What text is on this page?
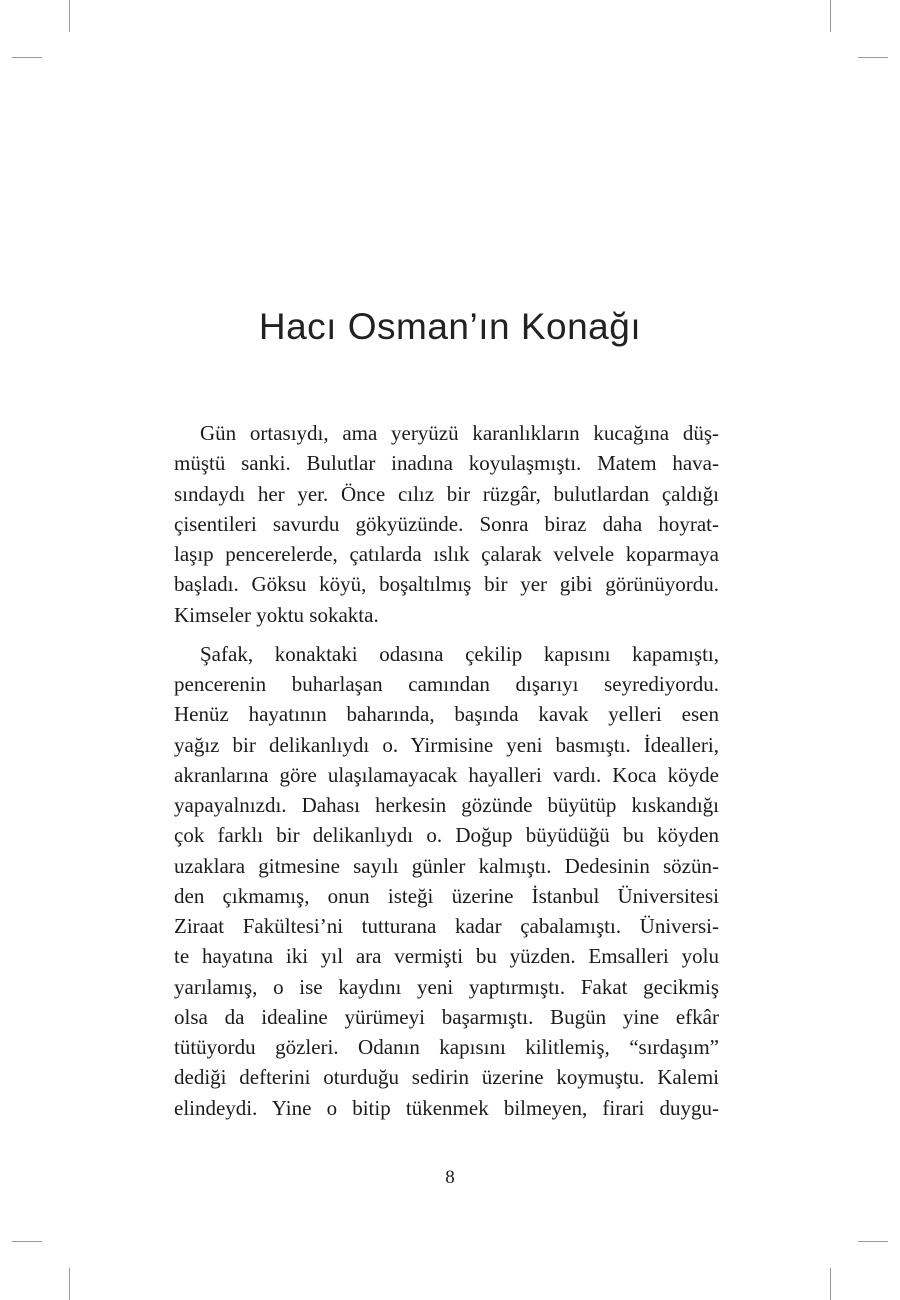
Hacı Osman’ın Konağı
Gün ortasıydı, ama yeryüzü karanlıkların kucağına düş-
müştü sanki. Bulutlar inadına koyulaşmıştı. Matem hava-
sındaydı her yer. Önce cılız bir rüzgâr, bulutlardan çaldığı
çisentileri savurdu gökyüzünde. Sonra biraz daha hoyrat-
laşıp pencerelerde, çatılarda ıslık çalarak velvele koparmaya
başladı. Göksu köyü, boşaltılmış bir yer gibi görünüyordu.
Kimseler yoktu sokakta.
Şafak, konaktaki odasına çekilip kapısını kapamıştı,
pencerenin buharlaşan camından dışarıyı seyrediyordu.
Henüz hayatının baharında, başında kavak yelleri esen
yağız bir delikanlıydı o. Yirmisine yeni basmıştı. İdealleri,
akranlarına göre ulaşılamayacak hayalleri vardı. Koca köyde
yapayalnızdı. Dahası herkesin gözünde büyütüp kıskandığı
çok farklı bir delikanlıydı o. Doğup büyüdüğü bu köyden
uzaklara gitmesine sayılı günler kalmıştı. Dedesinin sözün-
den çıkmamış, onun isteği üzerine İstanbul Üniversitesi
Ziraat Fakültesi’ni tutturana kadar çabalamıştı. Üniversi-
te hayatına iki yıl ara vermişti bu yüzden. Emsalleri yolu
yarılamış, o ise kaydını yeni yaptırmıştı. Fakat gecikmiş
olsa da idealine yürümeyi başarmıştı. Bugün yine efkâr
tütüyordu gözleri. Odanın kapısını kilitlemiş, “sırdaşım”
dediği defterini oturduğu sedirin üzerine koymuştu. Kalemi
elindeydi. Yine o bitip tükenmek bilmeyen, firari duygu-
8
